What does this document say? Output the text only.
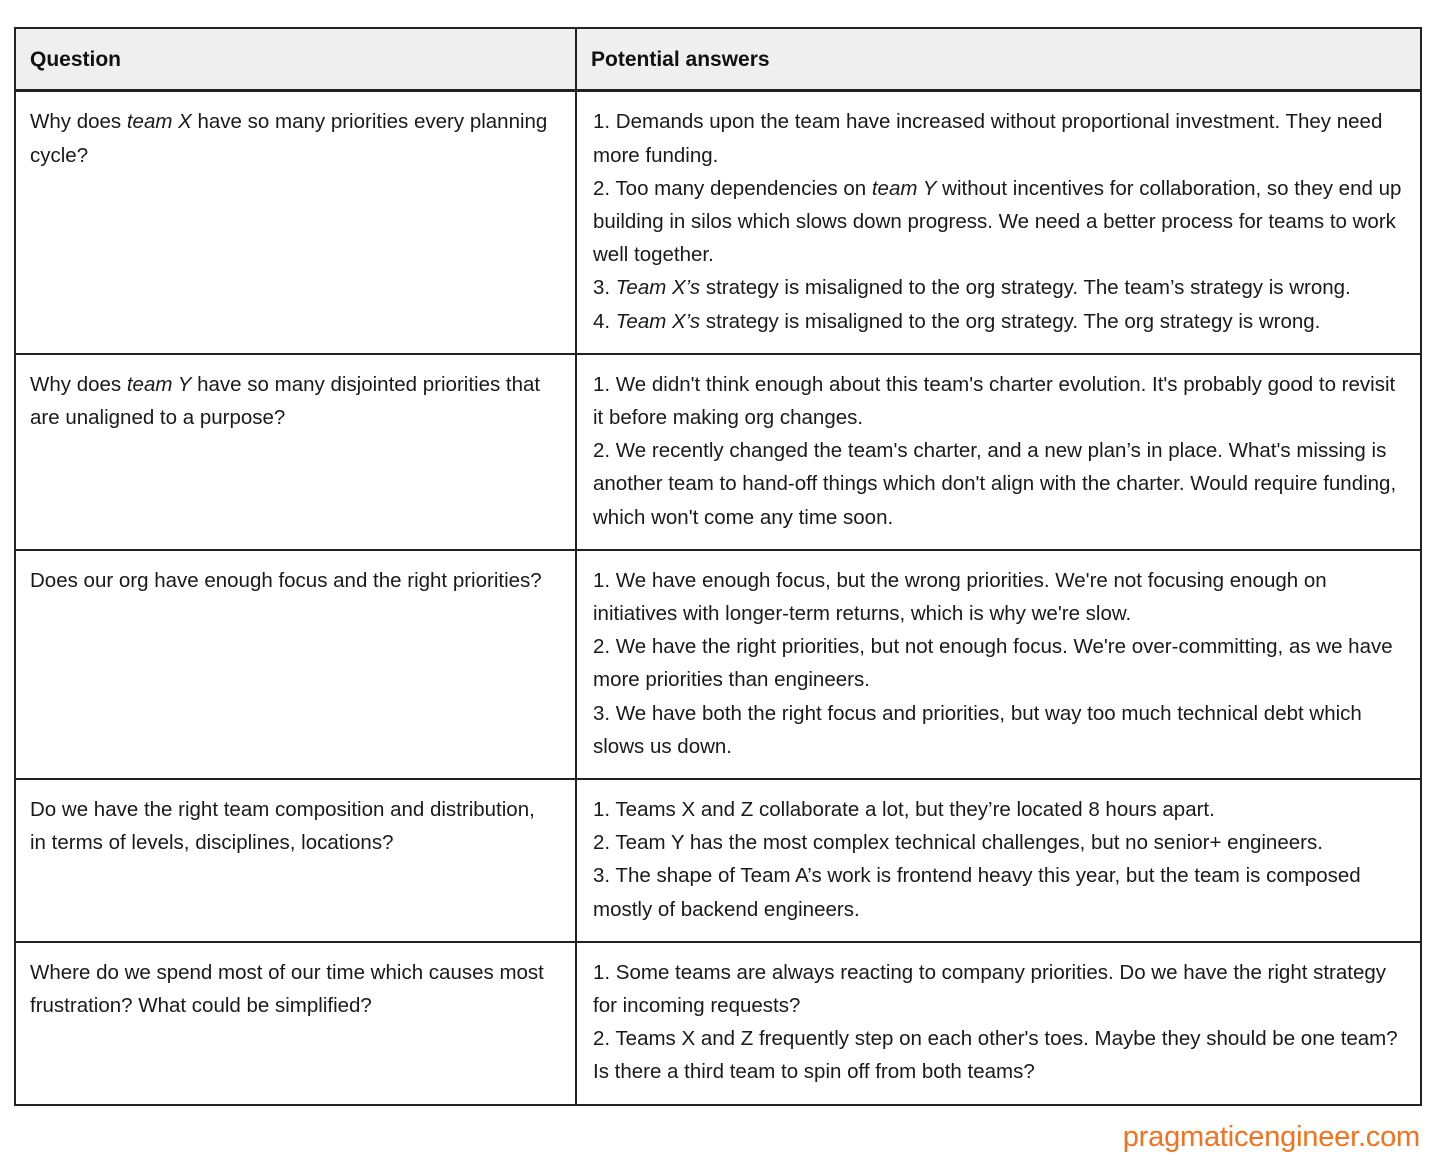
Question	Potential answers
Why does team X have so many priorities every planning cycle?	1. Demands upon the team have increased without proportional investment. They need more funding.
2. Too many dependencies on team Y without incentives for collaboration, so they end up building in silos which slows down progress. We need a better process for teams to work well together.
3. Team X’s strategy is misaligned to the org strategy. The team’s strategy is wrong.
4. Team X’s strategy is misaligned to the org strategy. The org strategy is wrong.

Why does team Y have so many disjointed priorities that are unaligned to a purpose?	1. We didn't think enough about this team's charter evolution. It's probably good to revisit it before making org changes.
2. We recently changed the team's charter, and a new plan’s in place. What's missing is another team to hand-off things which don't align with the charter. Would require funding, which won't come any time soon.

Does our org have enough focus and the right priorities?	1. We have enough focus, but the wrong priorities. We're not focusing enough on initiatives with longer-term returns, which is why we're slow.
2. We have the right priorities, but not enough focus. We're over-committing, as we have more priorities than engineers.
3. We have both the right focus and priorities, but way too much technical debt which slows us down.

Do we have the right team composition and distribution, in terms of levels, disciplines, locations?	1. Teams X and Z collaborate a lot, but they’re located 8 hours apart.
2. Team Y has the most complex technical challenges, but no senior+ engineers.
3. The shape of Team A’s work is frontend heavy this year, but the team is composed mostly of backend engineers.

Where do we spend most of our time which causes most frustration? What could be simplified?	1. Some teams are always reacting to company priorities. Do we have the right strategy for incoming requests?
2. Teams X and Z frequently step on each other's toes. Maybe they should be one team? Is there a third team to spin off from both teams?
pragmaticengineer.com
